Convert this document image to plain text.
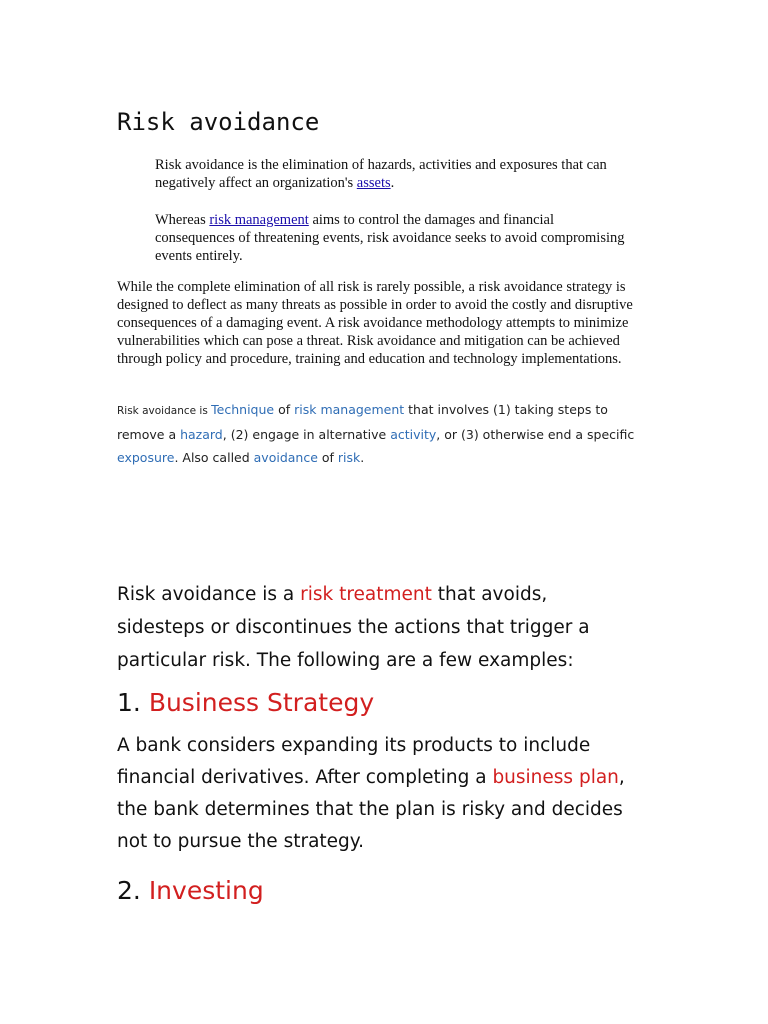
Risk avoidance
Risk avoidance is the elimination of hazards, activities and exposures that can negatively affect an organization's assets.
Whereas risk management aims to control the damages and financial consequences of threatening events, risk avoidance seeks to avoid compromising events entirely.
While the complete elimination of all risk is rarely possible, a risk avoidance strategy is designed to deflect as many threats as possible in order to avoid the costly and disruptive consequences of a damaging event. A risk avoidance methodology attempts to minimize vulnerabilities which can pose a threat. Risk avoidance and mitigation can be achieved through policy and procedure, training and education and technology implementations.
Risk avoidance is Technique of risk management that involves (1) taking steps to remove a hazard, (2) engage in alternative activity, or (3) otherwise end a specific exposure. Also called avoidance of risk.
Risk avoidance is a risk treatment that avoids, sidesteps or discontinues the actions that trigger a particular risk. The following are a few examples:
1. Business Strategy
A bank considers expanding its products to include financial derivatives. After completing a business plan, the bank determines that the plan is risky and decides not to pursue the strategy.
2. Investing
